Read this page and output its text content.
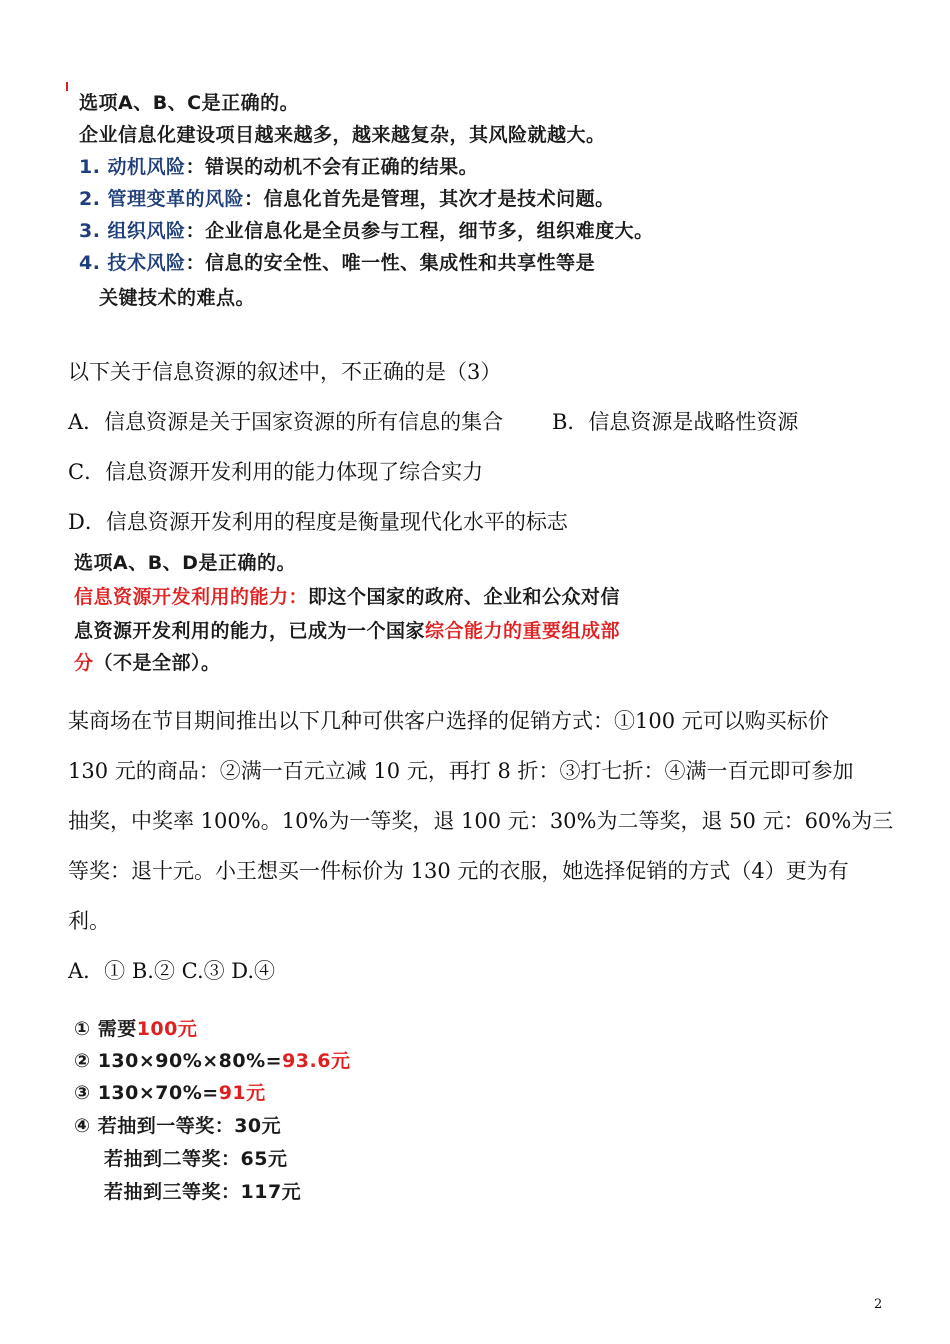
选项A、B、C是正确的。
企业信息化建设项目越来越多，越来越复杂，其风险就越大。
1. 动机风险：错误的动机不会有正确的结果。
2. 管理变革的风险：信息化首先是管理，其次才是技术问题。
3. 组织风险：企业信息化是全员参与工程，细节多，组织难度大。
4. 技术风险：信息的安全性、唯一性、集成性和共享性等是
关键技术的难点。
以下关于信息资源的叙述中，不正确的是（3）
A．信息资源是关于国家资源的所有信息的集合 B．信息资源是战略性资源
C．信息资源开发利用的能力体现了综合实力
D．信息资源开发利用的程度是衡量现代化水平的标志
选项A、B、D是正确的。
信息资源开发利用的能力：即这个国家的政府、企业和公众对信
息资源开发利用的能力，已成为一个国家综合能力的重要组成部
分（不是全部）。
某商场在节目期间推出以下几种可供客户选择的促销方式：①100 元可以购买标价
130 元的商品：②满一百元立减 10 元，再打 8 折：③打七折：④满一百元即可参加
抽奖，中奖率 100%。10%为一等奖，退 100 元：30%为二等奖，退 50 元：60%为三
等奖：退十元。小王想买一件标价为 130 元的衣服，她选择促销的方式（4）更为有
利。
A．① B.② C.③ D.④
① 需要100元
② 130×90%×80%=93.6元
③ 130×70%=91元
④ 若抽到一等奖：30元
若抽到二等奖：65元
若抽到三等奖：117元
2
